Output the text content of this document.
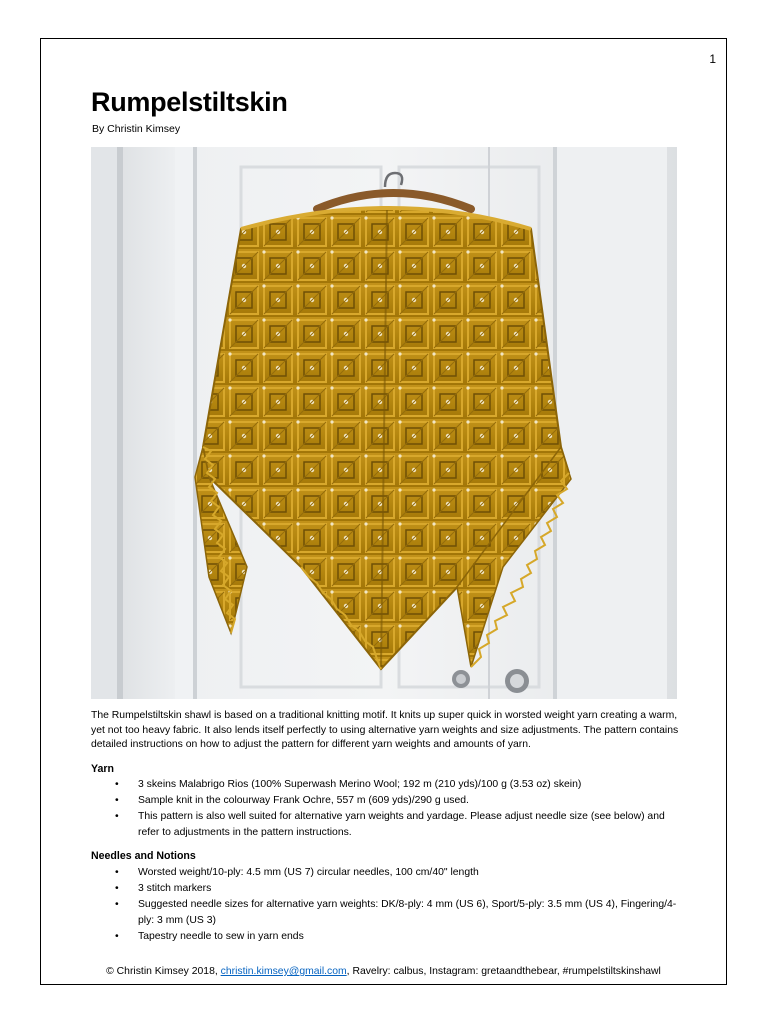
1
Rumpelstiltskin
By Christin Kimsey

The Rumpelstiltskin shawl is based on a traditional knitting motif. It knits up super quick in worsted weight yarn creating a warm, yet not too heavy fabric. It also lends itself perfectly to using alternative yarn weights and size adjustments. The pattern contains detailed instructions on how to adjust the pattern for different yarn weights and amounts of yarn.

Yarn
• 3 skeins Malabrigo Rios (100% Superwash Merino Wool; 192 m (210 yds)/100 g (3.53 oz) skein)
• Sample knit in the colourway Frank Ochre, 557 m (609 yds)/290 g used.
• This pattern is also well suited for alternative yarn weights and yardage. Please adjust needle size (see below) and refer to adjustments in the pattern instructions.
Needles and Notions
• Worsted weight/10-ply: 4.5 mm (US 7) circular needles, 100 cm/40" length
• 3 stitch markers
• Suggested needle sizes for alternative yarn weights: DK/8-ply: 4 mm (US 6), Sport/5-ply: 3.5 mm (US 4), Fingering/4-ply: 3 mm (US 3)
• Tapestry needle to sew in yarn ends
© Christin Kimsey 2018, christin.kimsey@gmail.com, Ravelry: calbus, Instagram: gretaandthebear, #rumpelstiltskinshawl
